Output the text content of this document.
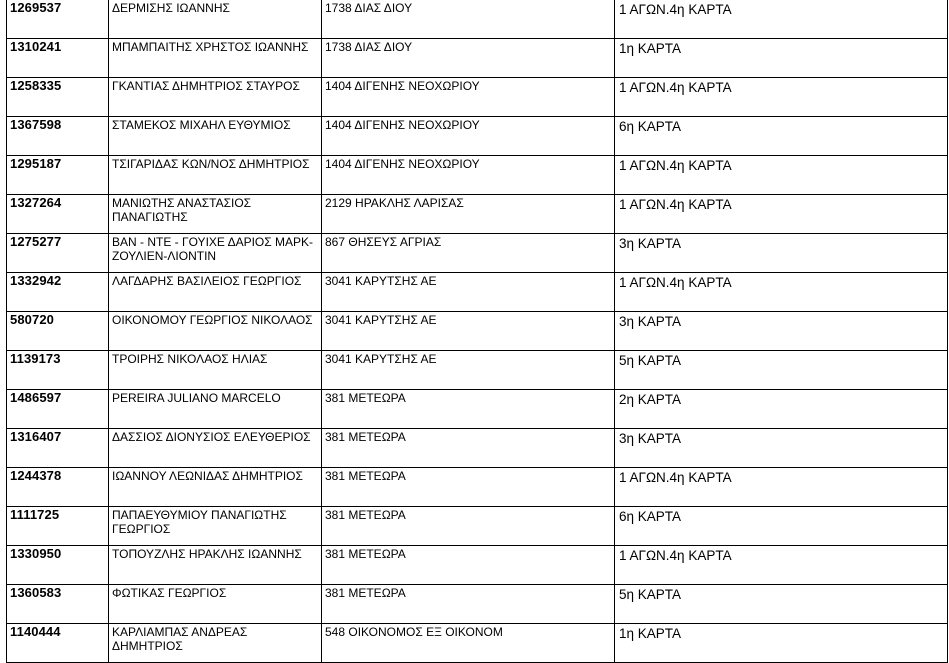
1269537	ΔΕΡΜΙΣΗΣ ΙΩΑΝΝΗΣ	1738 ΔΙΑΣ ΔΙΟΥ	1 ΑΓΩΝ.4η ΚΑΡΤΑ

1310241	ΜΠΑΜΠΑΙΤΗΣ ΧΡΗΣΤΟΣ ΙΩΑΝΝΗΣ	1738 ΔΙΑΣ ΔΙΟΥ	1η ΚΑΡΤΑ

1258335	ΓΚΑΝΤΙΑΣ ΔΗΜΗΤΡΙΟΣ ΣΤΑΥΡΟΣ	1404 ΔΙΓΕΝΗΣ ΝΕΟΧΩΡΙΟΥ	1 ΑΓΩΝ.4η ΚΑΡΤΑ

1367598	ΣΤΑΜΕΚΟΣ ΜΙΧΑΗΛ ΕΥΘΥΜΙΟΣ	1404 ΔΙΓΕΝΗΣ ΝΕΟΧΩΡΙΟΥ	6η ΚΑΡΤΑ

1295187	ΤΣΙΓΑΡΙΔΑΣ ΚΩΝ/ΝΟΣ ΔΗΜΗΤΡΙΟΣ	1404 ΔΙΓΕΝΗΣ ΝΕΟΧΩΡΙΟΥ	1 ΑΓΩΝ.4η ΚΑΡΤΑ

1327264	ΜΑΝΙΩΤΗΣ ΑΝΑΣΤΑΣΙΟΣ ΠΑΝΑΓΙΩΤΗΣ	2129 ΗΡΑΚΛΗΣ ΛΑΡΙΣΑΣ	1 ΑΓΩΝ.4η ΚΑΡΤΑ

1275277	ΒΑΝ - ΝΤΕ - ΓΟΥΙΧΕ ΔΑΡΙΟΣ ΜΑΡΚ-ΖΟΥΛΙΕΝ-ΛΙΟΝΤΙΝ	867 ΘΗΣΕΥΣ ΑΓΡΙΑΣ	3η ΚΑΡΤΑ

1332942	ΛΑΓΔΑΡΗΣ ΒΑΣΙΛΕΙΟΣ ΓΕΩΡΓΙΟΣ	3041 ΚΑΡΥΤΣΗΣ ΑΕ	1 ΑΓΩΝ.4η ΚΑΡΤΑ

580720	ΟΙΚΟΝΟΜΟΥ ΓΕΩΡΓΙΟΣ ΝΙΚΟΛΑΟΣ	3041 ΚΑΡΥΤΣΗΣ ΑΕ	3η ΚΑΡΤΑ

1139173	ΤΡΟΙΡΗΣ ΝΙΚΟΛΑΟΣ ΗΛΙΑΣ	3041 ΚΑΡΥΤΣΗΣ ΑΕ	5η ΚΑΡΤΑ

1486597	PEREIRA JULIANO MARCELO	381 ΜΕΤΕΩΡΑ	2η ΚΑΡΤΑ

1316407	ΔΑΣΣΙΟΣ ΔΙΟΝΥΣΙΟΣ ΕΛΕΥΘΕΡΙΟΣ	381 ΜΕΤΕΩΡΑ	3η ΚΑΡΤΑ

1244378	ΙΩΑΝΝΟΥ ΛΕΩΝΙΔΑΣ ΔΗΜΗΤΡΙΟΣ	381 ΜΕΤΕΩΡΑ	1 ΑΓΩΝ.4η ΚΑΡΤΑ

1111725	ΠΑΠΑΕΥΘΥΜΙΟΥ ΠΑΝΑΓΙΩΤΗΣ ΓΕΩΡΓΙΟΣ	381 ΜΕΤΕΩΡΑ	6η ΚΑΡΤΑ

1330950	ΤΟΠΟΥΖΛΗΣ ΗΡΑΚΛΗΣ ΙΩΑΝΝΗΣ	381 ΜΕΤΕΩΡΑ	1 ΑΓΩΝ.4η ΚΑΡΤΑ

1360583	ΦΩΤΙΚΑΣ ΓΕΩΡΓΙΟΣ	381 ΜΕΤΕΩΡΑ	5η ΚΑΡΤΑ

1140444	ΚΑΡΛΙΑΜΠΑΣ ΑΝΔΡΕΑΣ ΔΗΜΗΤΡΙΟΣ	548 ΟΙΚΟΝΟΜΟΣ ΕΞ ΟΙΚΟΝΟΜ	1η ΚΑΡΤΑ
